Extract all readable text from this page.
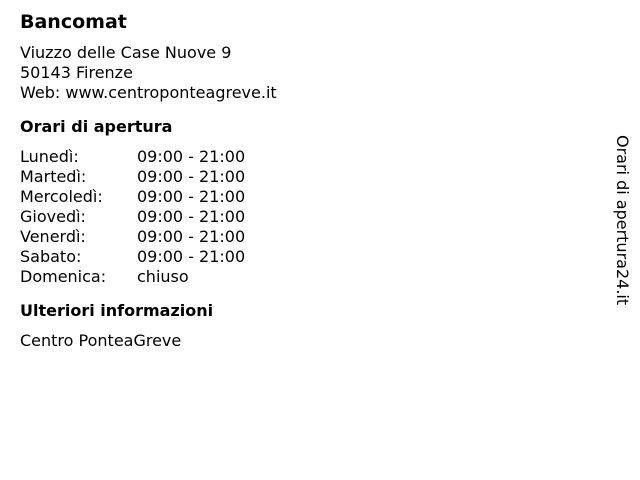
Bancomat
Viuzzo delle Case Nuove 9
50143 Firenze
Web: www.centroponteagreve.it
Orari di apertura
Lunedì:	09:00 - 21:00
Martedì:	09:00 - 21:00
Mercoledì:	09:00 - 21:00
Giovedì:	09:00 - 21:00
Venerdì:	09:00 - 21:00
Sabato:	09:00 - 21:00
Domenica:	chiuso
Ulteriori informazioni
Centro PonteaGreve
Orari di apertura24.it
